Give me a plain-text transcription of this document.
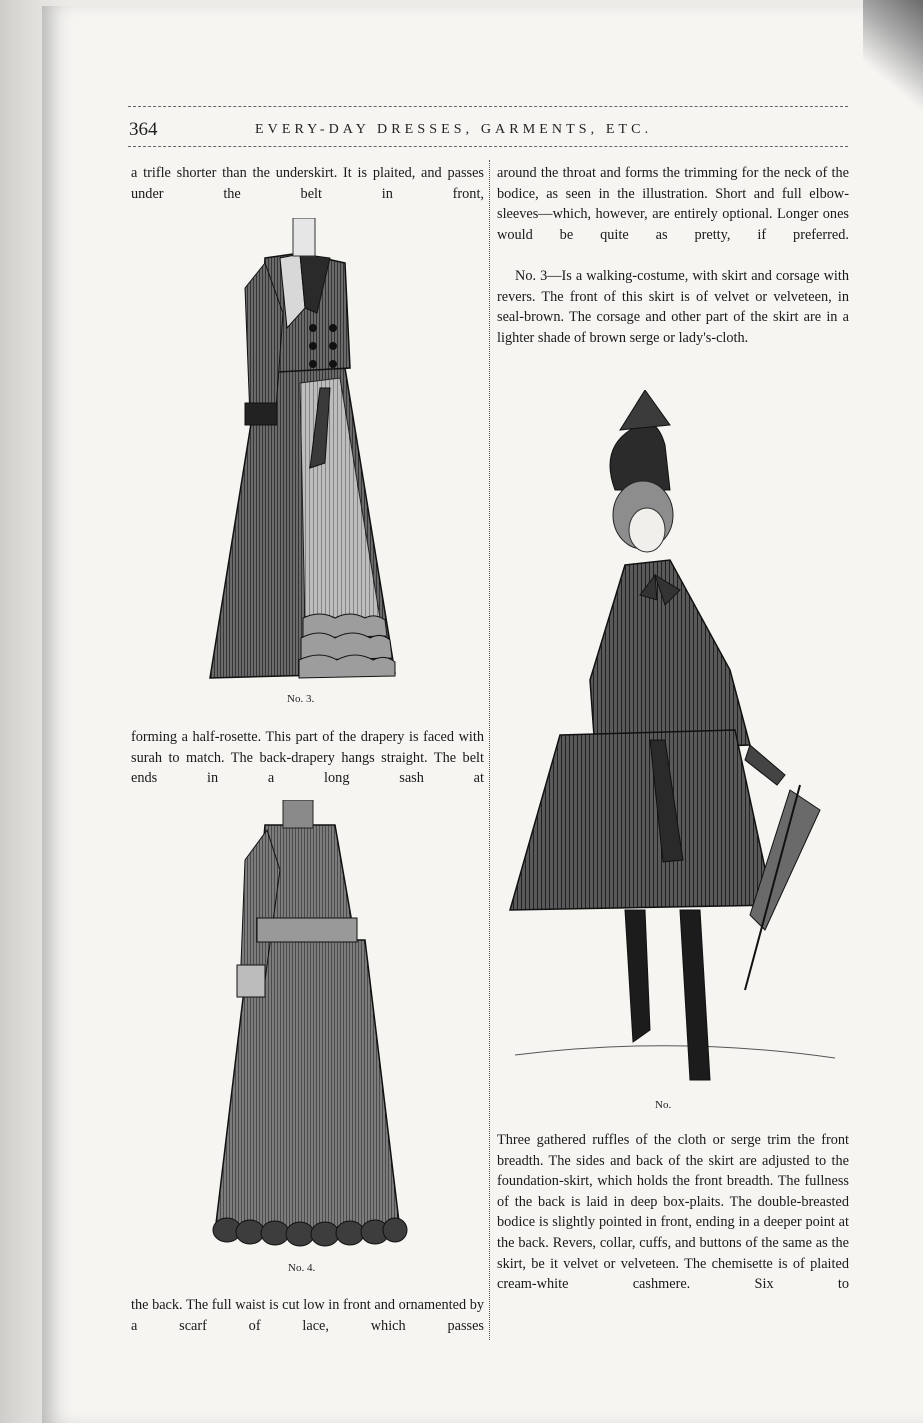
364	EVERY-DAY DRESSES, GARMENTS, ETC.

a trifle shorter than the underskirt. It is plaited, and passes under the belt in front,

No. 3.

forming a half-rosette. This part of the drapery is faced with surah to match. The back-drapery hangs straight. The belt ends in a long sash at

No. 4.

the back. The full waist is cut low in front and ornamented by a scarf of lace, which passes

around the throat and forms the trimming for the neck of the bodice, as seen in the illustration. Short and full elbow-sleeves—which, however, are entirely optional. Longer ones would be quite as pretty, if preferred.

No. 3—Is a walking-costume, with skirt and corsage with revers. The front of this skirt is of velvet or velveteen, in seal-brown. The corsage and other part of the skirt are in a lighter shade of brown serge or lady's-cloth.

No.

Three gathered ruffles of the cloth or serge trim the front breadth. The sides and back of the skirt are adjusted to the foundation-skirt, which holds the front breadth. The fullness of the back is laid in deep box-plaits. The double-breasted bodice is slightly pointed in front, ending in a deeper point at the back. Revers, collar, cuffs, and buttons of the same as the skirt, be it velvet or velveteen. The chemisette is of plaited cream-white cashmere. Six to
